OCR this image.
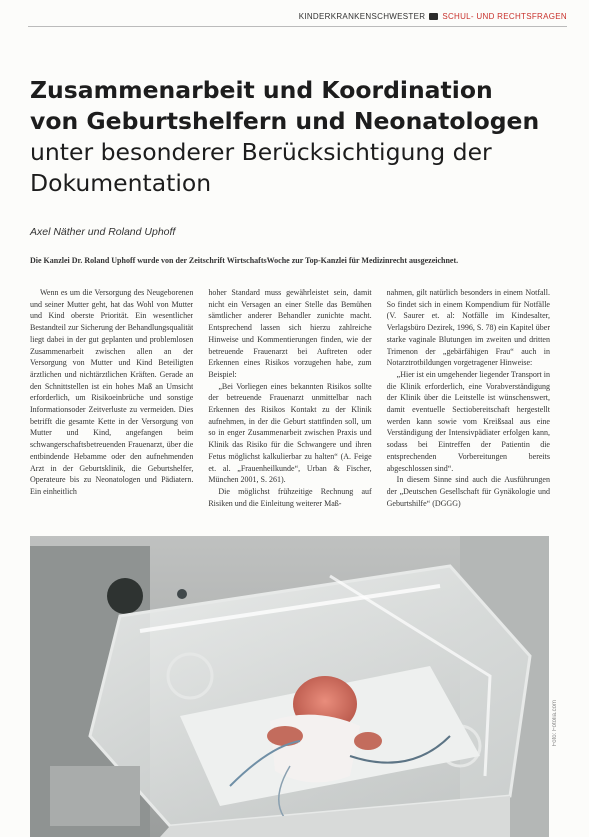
KINDERKRANKENSCHWESTER SCHUL- UND RECHTSFRAGEN
Zusammenarbeit und Koordination
von Geburtshelfern und Neonatologen
unter besonderer Berücksichtigung der
Dokumentation
Axel Näther und Roland Uphoff
Die Kanzlei Dr. Roland Uphoff wurde von der Zeitschrift WirtschaftsWoche zur Top-Kanzlei für Medizinrecht ausgezeichnet.

Wenn es um die Versorgung des Neugeborenen und seiner Mutter geht, hat das Wohl von Mutter und Kind oberste Priorität. Ein wesentlicher Bestandteil zur Sicherung der Behandlungsqualität liegt dabei in der gut geplanten und problemlosen Zusammenarbeit zwischen allen an der Versorgung von Mutter und Kind Beteiligten ärztlichen und nichtärztlichen Kräften. Gerade an den Schnittstellen ist ein hohes Maß an Umsicht erforderlich, um Risikoeinbrüche und sonstige Informationsoder Zeitverluste zu vermeiden. Dies betrifft die gesamte Kette in der Versorgung von Mutter und Kind, angefangen beim schwangerschaftsbetreuenden Frauenarzt, über die entbindende Hebamme oder den aufnehmenden Arzt in der Geburtsklinik, die Geburtshelfer, Operateure bis zu Neonatologen und Pädiatern. Ein einheitlich

hoher Standard muss gewährleistet sein, damit nicht ein Versagen an einer Stelle das Bemühen sämtlicher anderer Behandler zunichte macht. Entsprechend lassen sich hierzu zahlreiche Hinweise und Kommentierungen finden, wie der betreuende Frauenarzt bei Auftreten oder Erkennen eines Risikos vorzugehen habe, zum Beispiel:

„Bei Vorliegen eines bekannten Risikos sollte der betreuende Frauenarzt unmittelbar nach Erkennen des Risikos Kontakt zu der Klinik aufnehmen, in der die Geburt stattfinden soll, um so in enger Zusammenarbeit zwischen Praxis und Klinik das Risiko für die Schwangere und ihren Fetus möglichst kalkulierbar zu halten“ (A. Feige et. al. „Frauenheilkunde“, Urban & Fischer, München 2001, S. 261).

Die möglichst frühzeitige Rechnung auf Risiken und die Einleitung weiterer Maß-

nahmen, gilt natürlich besonders in einem Notfall. So findet sich in einem Kompendium für Notfälle (V. Saurer et. al: Notfälle im Kindesalter, Verlagsbüro Dezirek, 1996, S. 78) ein Kapitel über starke vaginale Blutungen im zweiten und dritten Trimenon der „gebärfähigen Frau“ auch in Notarztrotbildungen vorgetragener Hinweise:

„Hier ist ein umgehender liegender Transport in die Klinik erforderlich, eine Vorabverständigung der Klinik über die Leitstelle ist wünschenswert, damit eventuelle Sectiobereitschaft hergestellt werden kann sowie vom Kreißsaal aus eine Verständigung der Intensivpädiater erfolgen kann, sodass bei Eintreffen der Patientin die entsprechenden Vorbereitungen bereits abgeschlossen sind“.

In diesem Sinne sind auch die Ausführungen der „Deutschen Gesellschaft für Gynäkologie und Geburtshilfe“ (DGGG)

Foto: Fotolia.com
